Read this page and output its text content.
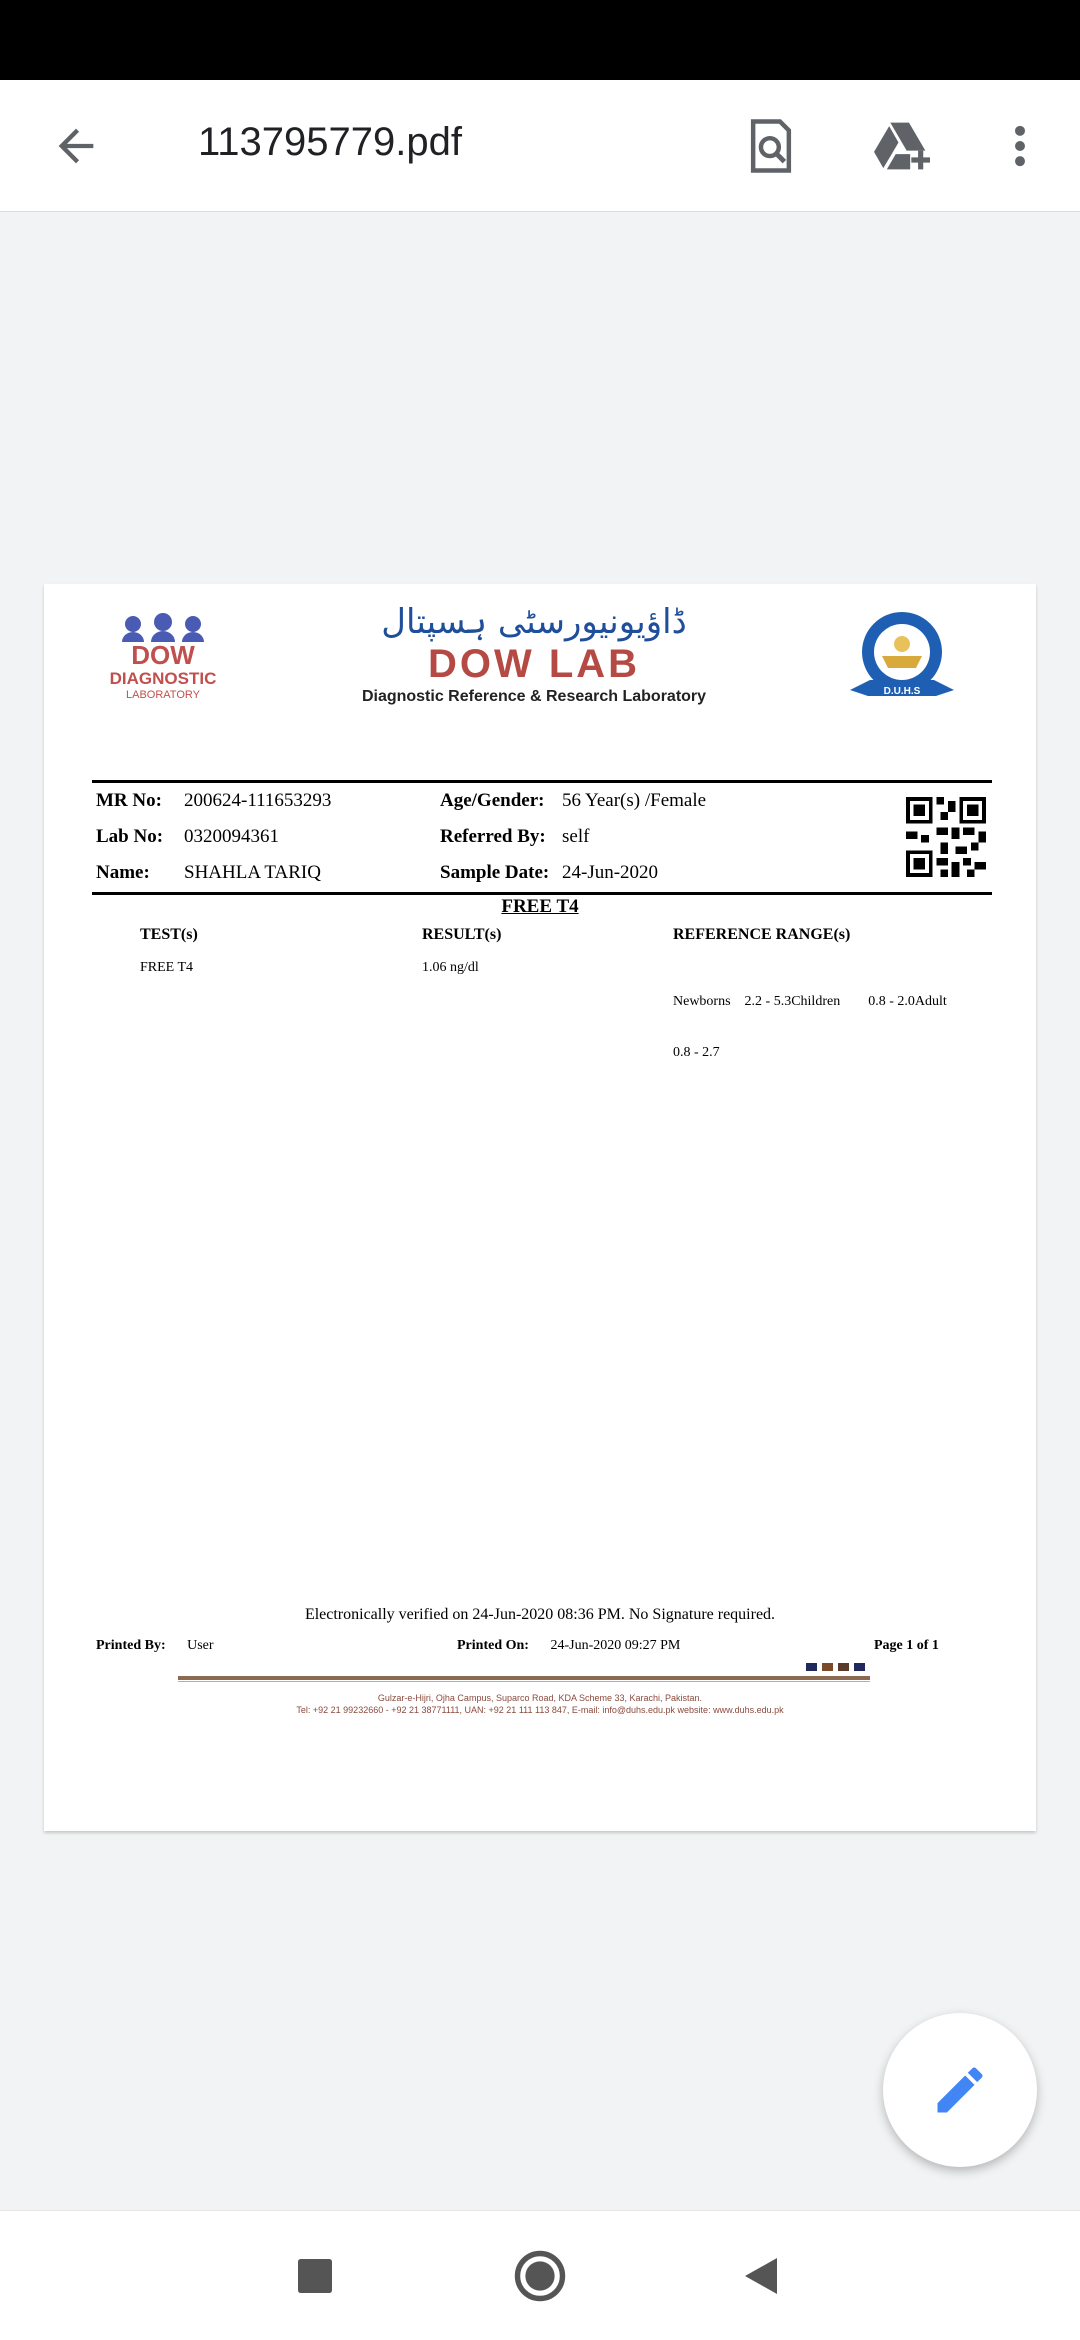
113795779.pdf
DOW
DIAGNOSTIC
LABORATORY
ڈاؤیونیورسٹی ہسپتال
DOW LAB
Diagnostic Reference & Research Laboratory	D.U.H.S
MR No: 200624-111653293
Lab No: 0320094361
Name: SHAHLA TARIQ
Age/Gender: 56 Year(s) /Female
Referred By: self
Sample Date: 24-Jun-2020
FREE T4
TEST(s)	RESULT(s)	REFERENCE RANGE(s)
FREE T4	1.06 ng/dl

Newborns    2.2 - 5.3Children        0.8 - 2.0Adult

0.8 - 2.7

Electronically verified on 24-Jun-2020 08:36 PM. No Signature required.
Printed By: User	Printed On: 24-Jun-2020 09:27 PM	Page 1 of 1
Gulzar-e-Hijri, Ojha Campus, Suparco Road, KDA Scheme 33, Karachi, Pakistan.
Tel: +92 21 99232660 - +92 21 38771111, UAN: +92 21 111 113 847, E-mail: info@duhs.edu.pk website: www.duhs.edu.pk
